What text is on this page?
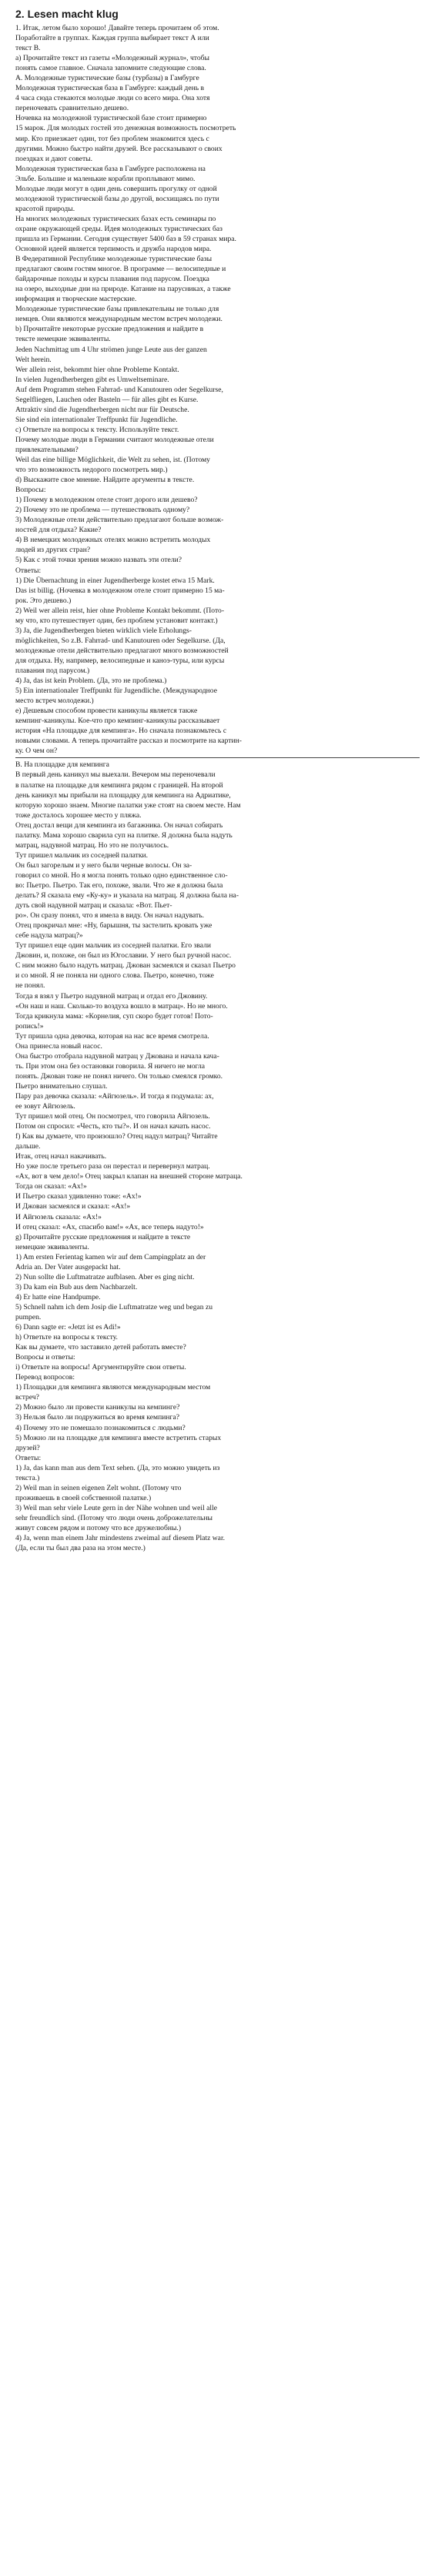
2. Lesen macht klug
1. Итак, летом было хорошо! Давайте теперь прочитаем об этом.
Поработайте в группах. Каждая группа выбирает текст А или
текст В.
а) Прочитайте текст из газеты «Молодежный журнал», чтобы
понять самое главное. Сначала запомните следующие слова.
А. Молодежные туристические базы (турбазы) в Гамбурге
Молодежная туристическая база в Гамбурге: каждый день в
4 часа сюда стекаются молодые люди со всего мира. Она хотя
переночевать сравнительно дешево.
Ночевка на молодежной туристической базе стоит примерно
15 марок. Для молодых гостей это денежная возможность посмотреть
мир. Кто приезжает один, тот без проблем знакомится здесь с
другими. Можно быстро найти друзей. Все рассказывают о своих
поездках и дают советы.
Молодежная туристическая база в Гамбурге расположена на
Эльбе. Большие и маленькие корабли проплывают мимо.
Молодые люди могут в один день совершить прогулку от одной
молодежной туристической базы до другой, восхищаясь по пути
красотой природы.
На многих молодежных туристических базах есть семинары по
охране окружающей среды. Идея молодежных туристических баз
пришла из Германии. Сегодня существует 5400 баз в 59 странах мира.
Основной идеей является терпимость и дружба народов мира.
В Федеративной Республике молодежные туристические базы
предлагают своим гостям многое. В программе — велосипедные и
байдарочные походы и курсы плавания под парусом. Поездка
на озеро, выходные дни на природе. Катание на парусниках, а также
информация и творческие мастерские.
Молодежные туристические базы привлекательны не только для
немцев. Они являются международным местом встреч молодежи.
b) Прочитайте некоторые русские предложения и найдите в
тексте немецкие эквиваленты.
Jeden Nachmittag um 4 Uhr strömen junge Leute aus der ganzen
Welt herein.
Wer allein reist, bekommt hier ohne Probleme Kontakt.
In vielen Jugendherbergen gibt es Umweltseminare.
Auf dem Programm stehen Fahrrad- und Kanutouren oder Segelkurse,
Segelfliegen, Lauchen oder Basteln — für alles gibt es Kurse.
Attraktiv sind die Jugendherbergen nicht nur für Deutsche.
Sie sind ein internationaler Treffpunkt für Jugendliche.
c) Ответьте на вопросы к тексту. Используйте текст.
Почему молодые люди в Германии считают молодежные отели
привлекательными?
Weil das eine billige Möglichkeit, die Welt zu sehen, ist. (Потому
что это возможность недорого посмотреть мир.)
d) Выскажите свое мнение. Найдите аргументы в тексте.
Вопросы:
1) Почему в молодежном отеле стоит дорого или дешево?
2) Почему это не проблема — путешествовать одному?
3) Молодежные отели действительно предлагают больше возмож-
ностей для отдыха? Какие?
4) В немецких молодежных отелях можно встретить молодых
людей из других стран?
5) Как с этой точки зрения можно назвать эти отели?
Ответы:
1) Die Übernachtung in einer Jugendherberge kostet etwa 15 Mark.
Das ist billig. (Ночевка в молодежном отеле стоит примерно 15 ма-
рок. Это дешево.)
2) Weil wer allein reist, hier ohne Probleme Kontakt bekommt. (Пото-
му что, кто путешествует один, без проблем установит контакт.)
3) Ja, die Jugendherbergen bieten wirklich viele Erholungs-
möglichkeiten, So z.B. Fahrrad- und Kanutouren oder Segelkurse. (Да,
молодежные отели действительно предлагают много возможностей
для отдыха. Ну, например, велосипедные и каноэ-туры, или курсы
плавания под парусом.)
4) Ja, das ist kein Problem. (Да, это не проблема.)
5) Ein internationaler Treffpunkt für Jugendliche. (Международное
место встреч молодежи.)
e) Дешевым способом провести каникулы является также
кемпинг-каникулы. Кое-что про кемпинг-каникулы рассказывает
история «На площадке для кемпинга». Но сначала познакомьтесь с
новыми словами. А теперь прочитайте рассказ и посмотрите на картин-
ку. О чем он?
B. На площадке для кемпинга
В первый день каникул мы выехали. Вечером мы переночевали
в палатке на площадке для кемпинга рядом с границей. На второй
день каникул мы прибыли на площадку для кемпинга на Адриатике,
которую хорошо знаем. Многие палатки уже стоят на своем месте. Нам
тоже досталось хорошее место у пляжа.
Отец достал вещи для кемпинга из багажника. Он начал собирать
палатку. Мама хорошо сварила суп на плитке. Я должна была надуть
матрац, надувной матрац. Но это не получилось.
Тут пришел мальчик из соседней палатки.
Он был загорелым и у него были черные волосы. Он за-
говорил со мной. Но я могла понять только одно единственное сло-
во: Пьетро. Пьетро. Так его, похоже, звали. Что же я должна была
делать? Я сказала ему «Ку-ку» и указала на матрац. Я должна была на-
дуть свой надувной матрац и сказала: «Вот. Пьет-
ро». Он сразу понял, что я имела в виду. Он начал надувать.
Отец прокричал мне: «Ну, барышня, ты застелить кровать уже
себе надула матрац?»
Тут пришел еще один мальчик из соседней палатки. Его звали
Джовин, и, похоже, он был из Югославии. У него был ручной насос.
С ним можно было надуть матрац. Джован засмеялся и сказал Пьетро
и со мной. Я не поняла ни одного слова. Пьетро, конечно, тоже
не понял.
Тогда я взял у Пьетро надувной матрац и отдал его Джовину.
«Он наш и наш. Сколько-то воздуха вошло в матрац». Но не много.
Тогда крикнула мама: «Корнелия, суп скоро будет готов! Пото-
ропись!»
Тут пришла одна девочка, которая на нас все время смотрела.
Она принесла новый насос.
Она быстро отобрала надувной матрац у Джована и начала кача-
ть. При этом она без остановки говорила. Я ничего не могла
понять. Джован тоже не понял ничего. Он только смеялся громко.
Пьетро внимательно слушал.
Пару раз девочка сказала: «Айгюзель». И тогда я подумала: ах,
ее зовут Айгюзель.
Тут пришел мой отец. Он посмотрел, что говорила Айгюзель.
Потом он спросил: «Честь, кто ты?». И он начал качать насос.
f) Как вы думаете, что произошло? Отец надул матрац? Читайте
дальше.
Итак, отец начал накачивать.
Но уже после третьего раза он перестал и перевернул матрац.
«Ах, вот в чем дело!» Отец закрыл клапан на внешней стороне матраца.
Тогда он сказал: «Ах!»
И Пьетро сказал удивленно тоже: «Ах!»
И Джован засмеялся и сказал: «Ах!»
И Айгюзель сказала: «Ах!»
И отец сказал: «Ах, спасибо вам!» «Ах, все теперь надуто!»
g) Прочитайте русские предложения и найдите в тексте
немецкие эквиваленты.
1) Am ersten Ferientag kamen wir auf dem Campingplatz an der
Adria an. Der Vater ausgepackt hat.
2) Nun sollte die Luftmatratze aufblasen. Aber es ging nicht.
3) Da kam ein Bub aus dem Nachbarzelt.
4) Er hatte eine Handpumpe.
5) Schnell nahm ich dem Josip die Luftmatratze weg und began zu
pumpen.
6) Dann sagte er: «Jetzt ist es Adi!»
h) Ответьте на вопросы к тексту.
Как вы думаете, что заставило детей работать вместе?
Вопросы и ответы:
i) Ответьте на вопросы! Аргументируйте свои ответы.
Перевод вопросов:
1) Площадки для кемпинга являются международным местом
встреч?
2) Можно было ли провести каникулы на кемпинге?
3) Нельзя было ли подружиться во время кемпинга?
4) Почему это не помешало познакомиться с людьми?
5) Можно ли на площадке для кемпинга вместе встретить старых
друзей?
Ответы:
1) Ja, das kann man aus dem Text sehen. (Да, это можно увидеть из
текста.)
2) Weil man in seinen eigenen Zelt wohnt. (Потому что
проживаешь в своей собственной палатке.)
3) Weil man sehr viele Leute gern in der Nähe wohnen und weil alle
sehr freundlich sind. (Потому что люди очень доброжелательны
живут совсем рядом и потому что все дружелюбны.)
4) Ja, wenn man einem Jahr mindestens zweimal auf diesem Platz war.
(Да, если ты был два раза на этом месте.)
